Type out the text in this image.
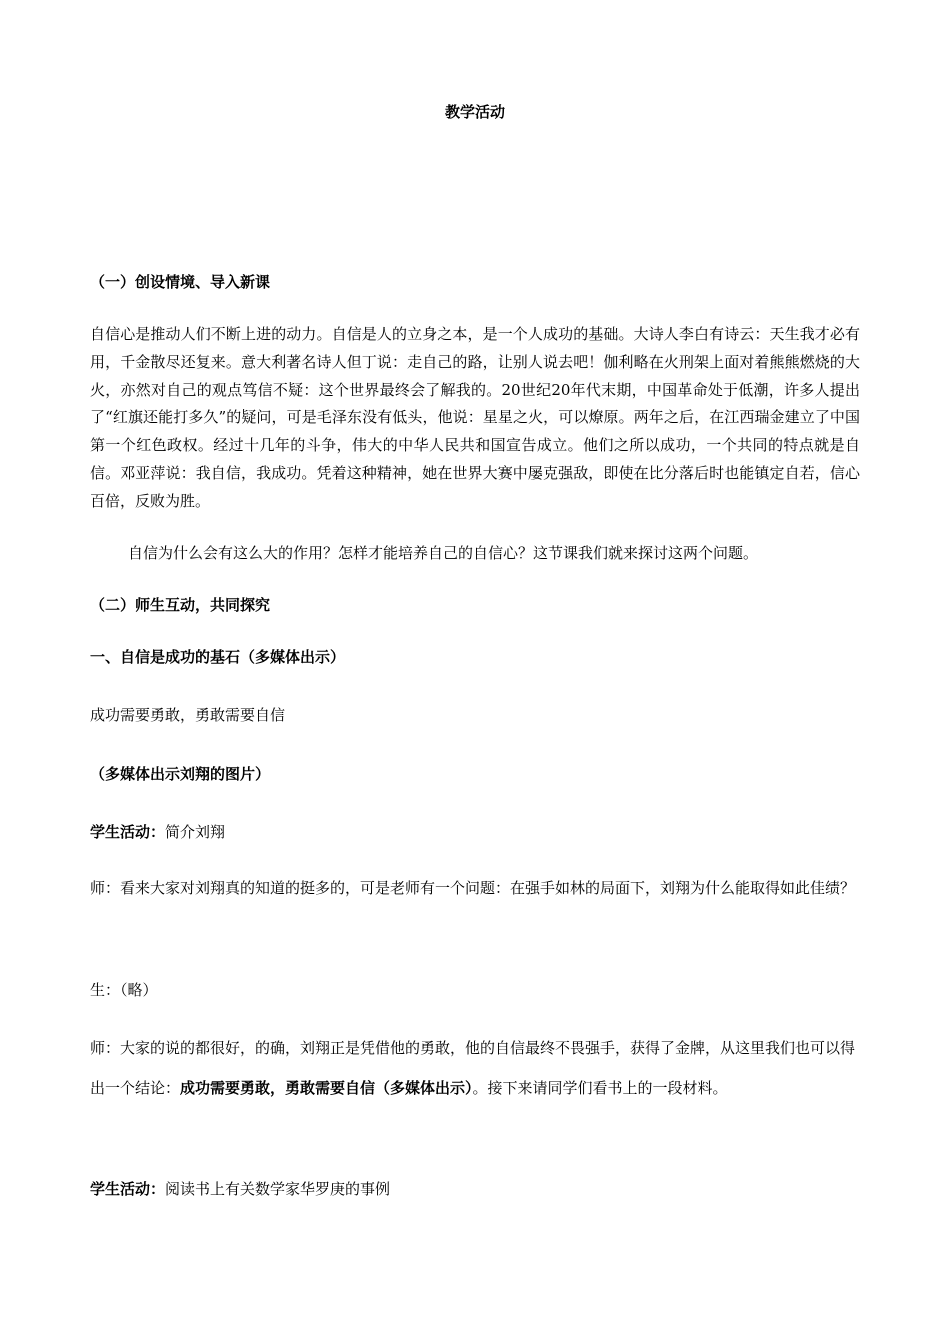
教学活动

（一）创设情境、导入新课

自信心是推动人们不断上进的动力。自信是人的立身之本，是一个人成功的基础。大诗人李白有诗云：天生我才必有用，千金散尽还复来。意大利著名诗人但丁说：走自己的路，让别人说去吧！伽利略在火刑架上面对着熊熊燃烧的大火，亦然对自己的观点笃信不疑：这个世界最终会了解我的。20世纪20年代末期，中国革命处于低潮，许多人提出了“红旗还能打多久”的疑问，可是毛泽东没有低头，他说：星星之火，可以燎原。两年之后，在江西瑞金建立了中国第一个红色政权。经过十几年的斗争，伟大的中华人民共和国宣告成立。他们之所以成功，一个共同的特点就是自信。邓亚萍说：我自信，我成功。凭着这种精神，她在世界大赛中屡克强敌，即使在比分落后时也能镇定自若，信心百倍，反败为胜。

自信为什么会有这么大的作用？怎样才能培养自己的自信心？这节课我们就来探讨这两个问题。

（二）师生互动，共同探究

一、自信是成功的基石（多媒体出示）

成功需要勇敢，勇敢需要自信

（多媒体出示刘翔的图片）

学生活动：简介刘翔

师：看来大家对刘翔真的知道的挺多的，可是老师有一个问题：在强手如林的局面下，刘翔为什么能取得如此佳绩？

生：（略）

师：大家的说的都很好，的确，刘翔正是凭借他的勇敢，他的自信最终不畏强手，获得了金牌，从这里我们也可以得出一个结论：成功需要勇敢，勇敢需要自信（多媒体出示）。接下来请同学们看书上的一段材料。

学生活动：阅读书上有关数学家华罗庚的事例
